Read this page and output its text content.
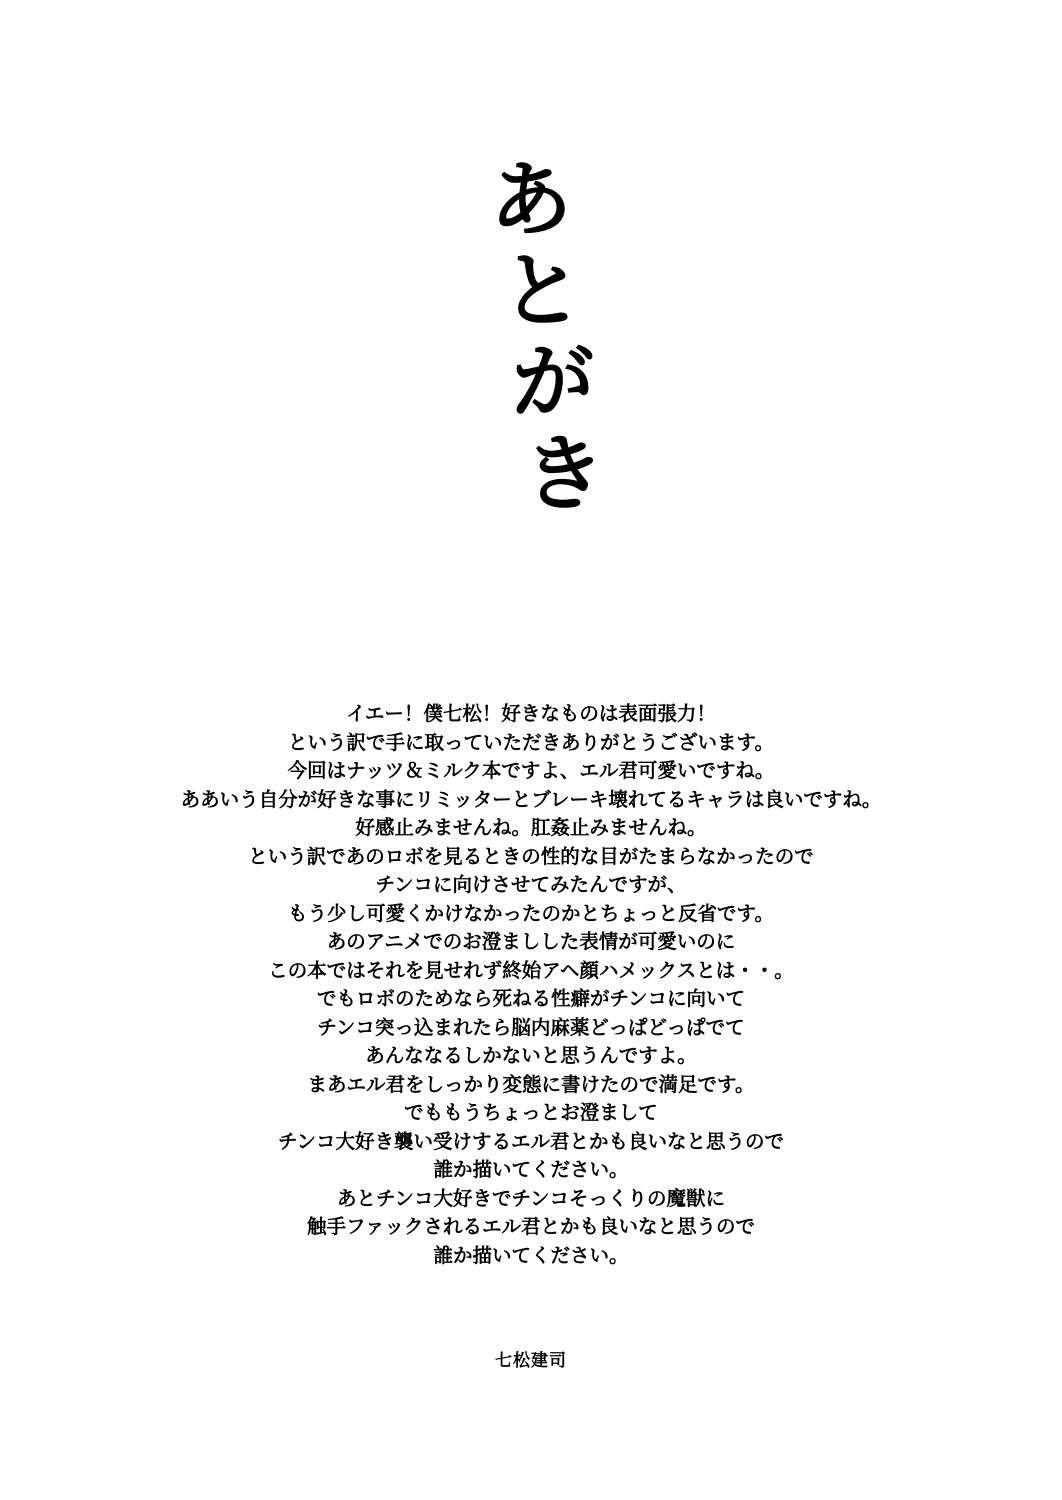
あ
と
が
き
イエー！僕七松！好きなものは表面張力！
という訳で手に取っていただきありがとうございます。
今回はナッツ＆ミルク本ですよ、エル君可愛いですね。
ああいう自分が好きな事にリミッターとブレーキ壊れてるキャラは良いですね。
好感止みませんね。肛姦止みませんね。
という訳であのロボを見るときの性的な目がたまらなかったので
チンコに向けさせてみたんですが、
もう少し可愛くかけなかったのかとちょっと反省です。
あのアニメでのお澄ましした表情が可愛いのに
この本ではそれを見せれず終始アヘ顔ハメックスとは・・。
でもロボのためなら死ねる性癖がチンコに向いて
チンコ突っ込まれたら脳内麻薬どっぱどっぱでて
あんななるしかないと思うんですよ。
まあエル君をしっかり変態に書けたので満足です。
でももうちょっとお澄まして
チンコ大好き襲い受けするエル君とかも良いなと思うので
誰か描いてください。
あとチンコ大好きでチンコそっくりの魔獣に
触手ファックされるエル君とかも良いなと思うので
誰か描いてください。
七松建司
